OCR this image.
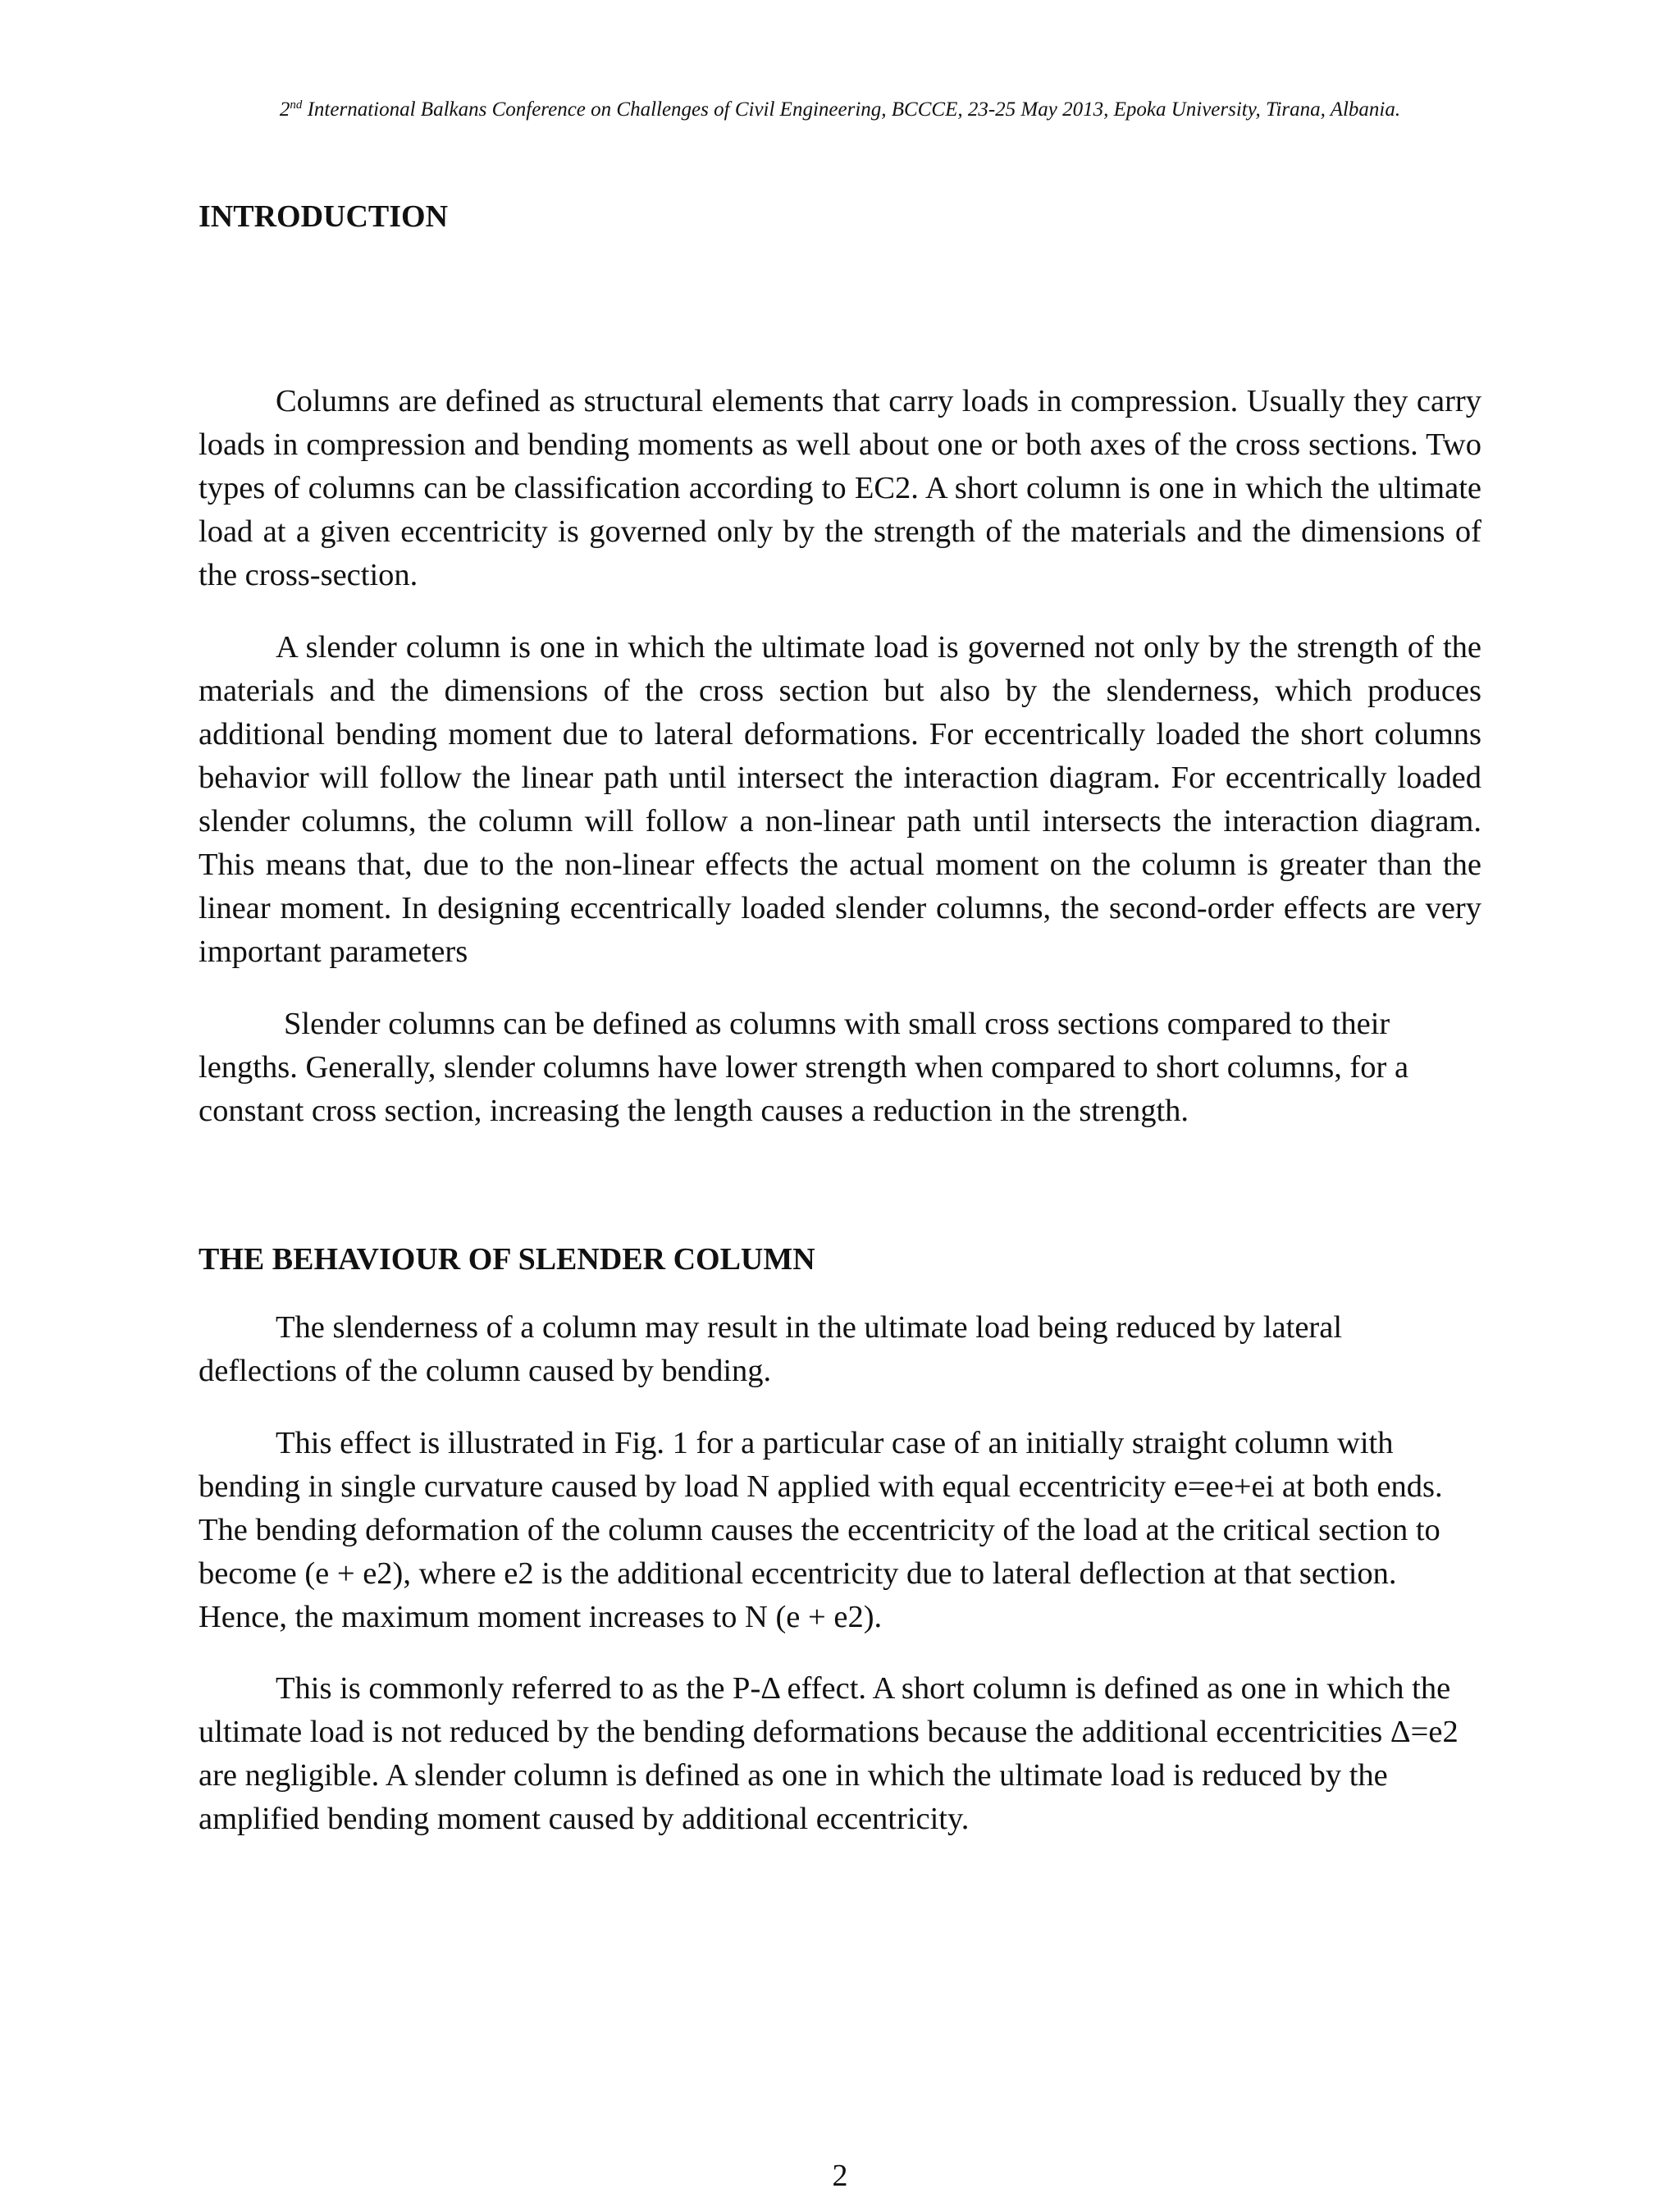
2nd International Balkans Conference on Challenges of Civil Engineering, BCCCE, 23-25 May 2013, Epoka University, Tirana, Albania.
INTRODUCTION

Columns are defined as structural elements that carry loads in compression. Usually they carry loads in compression and bending moments as well about one or both axes of the cross sections. Two types of columns can be classification according to EC2. A short column is one in which the ultimate load at a given eccentricity is governed only by the strength of the materials and the dimensions of the cross-section.

A slender column is one in which the ultimate load is governed not only by the strength of the materials and the dimensions of the cross section but also by the slenderness, which produces additional bending moment due to lateral deformations. For eccentrically loaded the short columns behavior will follow the linear path until intersect the interaction diagram. For eccentrically loaded slender columns, the column will follow a non-linear path until intersects the interaction diagram. This means that, due to the non-linear effects the actual moment on the column is greater than the linear moment. In designing eccentrically loaded slender columns, the second-order effects are very important parameters

Slender columns can be defined as columns with small cross sections compared to their lengths. Generally, slender columns have lower strength when compared to short columns, for a constant cross section, increasing the length causes a reduction in the strength.

THE BEHAVIOUR OF SLENDER COLUMN

The slenderness of a column may result in the ultimate load being reduced by lateral deflections of the column caused by bending.

This effect is illustrated in Fig. 1 for a particular case of an initially straight column with bending in single curvature caused by load N applied with equal eccentricity e=ee+ei at both ends. The bending deformation of the column causes the eccentricity of the load at the critical section to become (e + e2), where e2 is the additional eccentricity due to lateral deflection at that section. Hence, the maximum moment increases to N (e + e2).

This is commonly referred to as the P-Δ effect. A short column is defined as one in which the ultimate load is not reduced by the bending deformations because the additional eccentricities Δ=e2 are negligible. A slender column is defined as one in which the ultimate load is reduced by the amplified bending moment caused by additional eccentricity.

2
